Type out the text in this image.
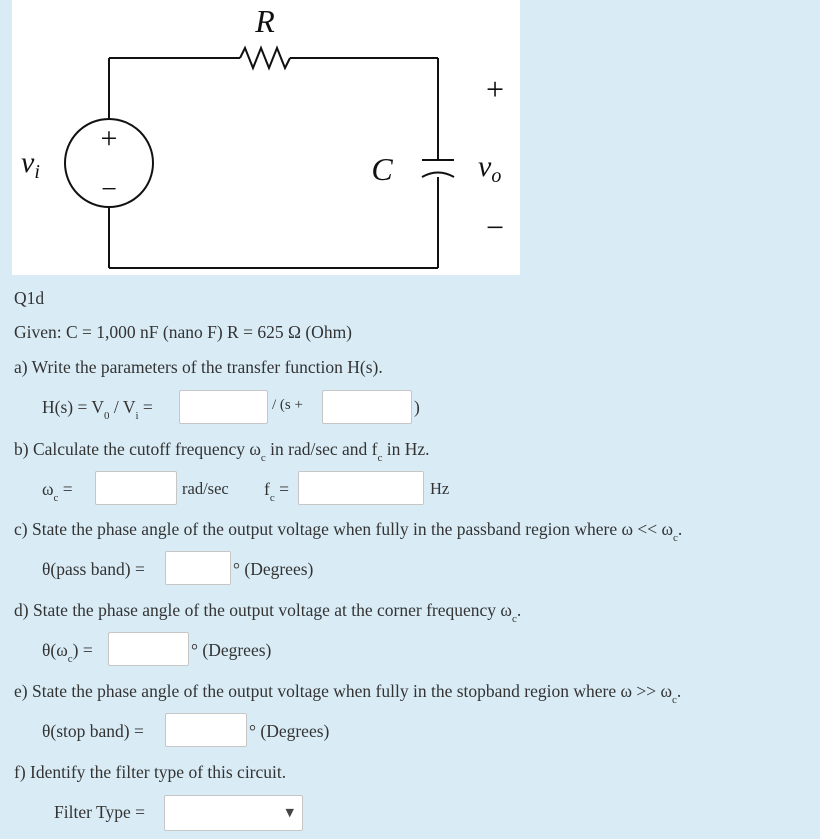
R
C
+
−
+
−
$v_i$	$v_o$
Q1d
Given: C = 1,000 nF (nano F) R = 625 Ω (Ohm)
a) Write the parameters of the transfer function H(s).
$H(s) = V_0 / V_i$ =	/ (s +	)
b) Calculate the cutoff frequency $\omega_c$ in rad/sec and $f_c$ in Hz.
$\omega_c$ =	rad/sec $f_c$ =	Hz
c) State the phase angle of the output voltage when fully in the passband region where $\omega << \omega_c$.
θ(pass band) =	° (Degrees)
d) State the phase angle of the output voltage at the corner frequency $\omega_c$.
$\theta(\omega_c)$ =	° (Degrees)
e) State the phase angle of the output voltage when fully in the stopband region where $\omega >> \omega_c$.
θ(stop band) =	° (Degrees)
f) Identify the filter type of this circuit.
Filter Type =	▼
